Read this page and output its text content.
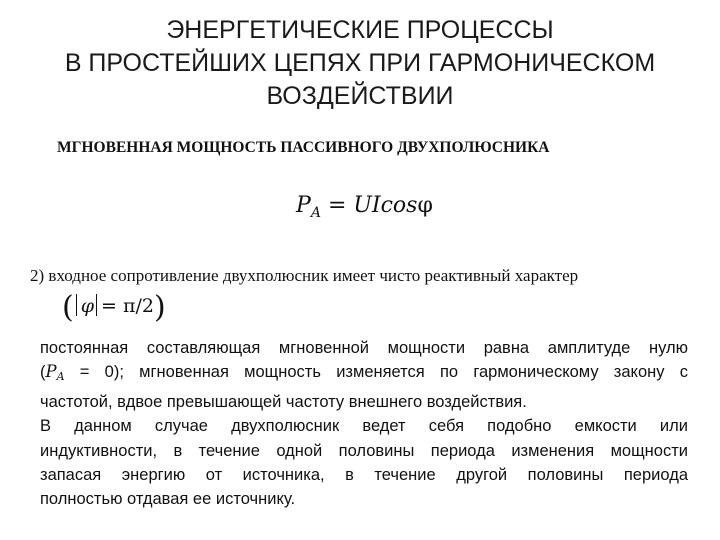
ЭНЕРГЕТИЧЕСКИЕ ПРОЦЕССЫ
В ПРОСТЕЙШИХ ЦЕПЯХ ПРИ ГАРМОНИЧЕСКОМ
ВОЗДЕЙСТВИИ
МГНОВЕННАЯ МОЩНОСТЬ ПАССИВНОГО ДВУХПОЛЮСНИКА
$P_A = UIcos\varphi$
2) входное сопротивление двухполюсник имеет чисто реактивный характер
( φ = π/2)
постоянная составляющая мгновенной мощности равна амплитуде нулю
$(P_A = 0)$; мгновенная мощность изменяется по гармоническому закону с
частотой, вдвое превышающей частоту внешнего воздействия.
В данном случае двухполюсник ведет себя подобно емкости или
индуктивности, в течение одной половины периода изменения мощности
запасая энергию от источника, в течение другой половины периода
полностью отдавая ее источнику.
